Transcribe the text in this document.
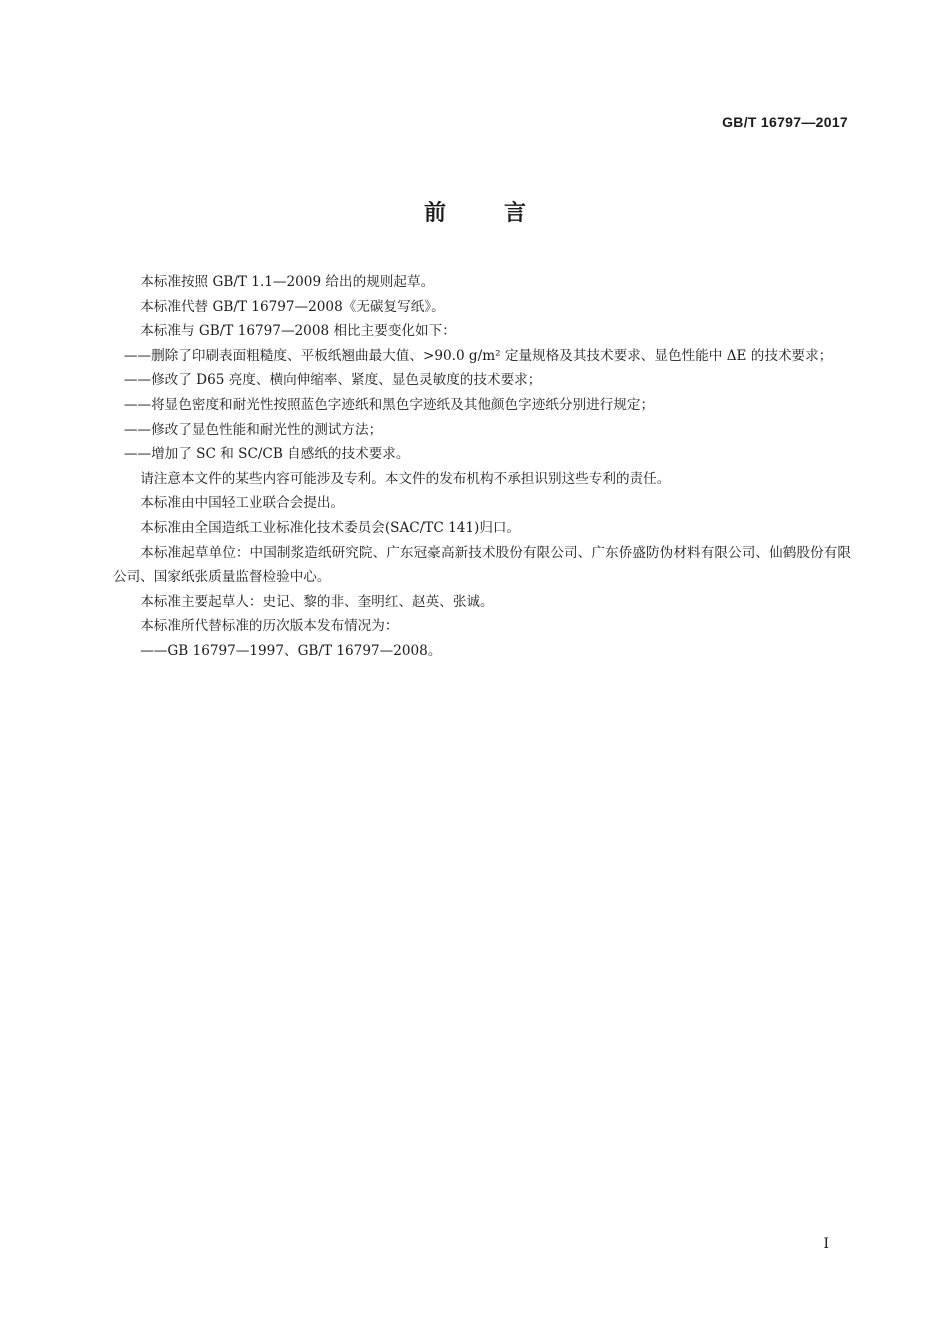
GB/T 16797—2017
前言

本标准按照 GB/T 1.1—2009 给出的规则起草。

本标准代替 GB/T 16797—2008《无碳复写纸》。

本标准与 GB/T 16797—2008 相比主要变化如下：

——删除了印刷表面粗糙度、平板纸翘曲最大值、>90.0 g/m² 定量规格及其技术要求、显色性能中 ΔE 的技术要求；

——修改了 D65 亮度、横向伸缩率、紧度、显色灵敏度的技术要求；

——将显色密度和耐光性按照蓝色字迹纸和黑色字迹纸及其他颜色字迹纸分别进行规定；

——修改了显色性能和耐光性的测试方法；

——增加了 SC 和 SC/CB 自感纸的技术要求。

请注意本文件的某些内容可能涉及专利。本文件的发布机构不承担识别这些专利的责任。

本标准由中国轻工业联合会提出。

本标准由全国造纸工业标准化技术委员会(SAC/TC 141)归口。

本标准起草单位：中国制浆造纸研究院、广东冠豪高新技术股份有限公司、广东侨盛防伪材料有限公司、仙鹤股份有限公司、国家纸张质量监督检验中心。

本标准主要起草人：史记、黎的非、奎明红、赵英、张诚。

本标准所代替标准的历次版本发布情况为：

——GB 16797—1997、GB/T 16797—2008。

I
